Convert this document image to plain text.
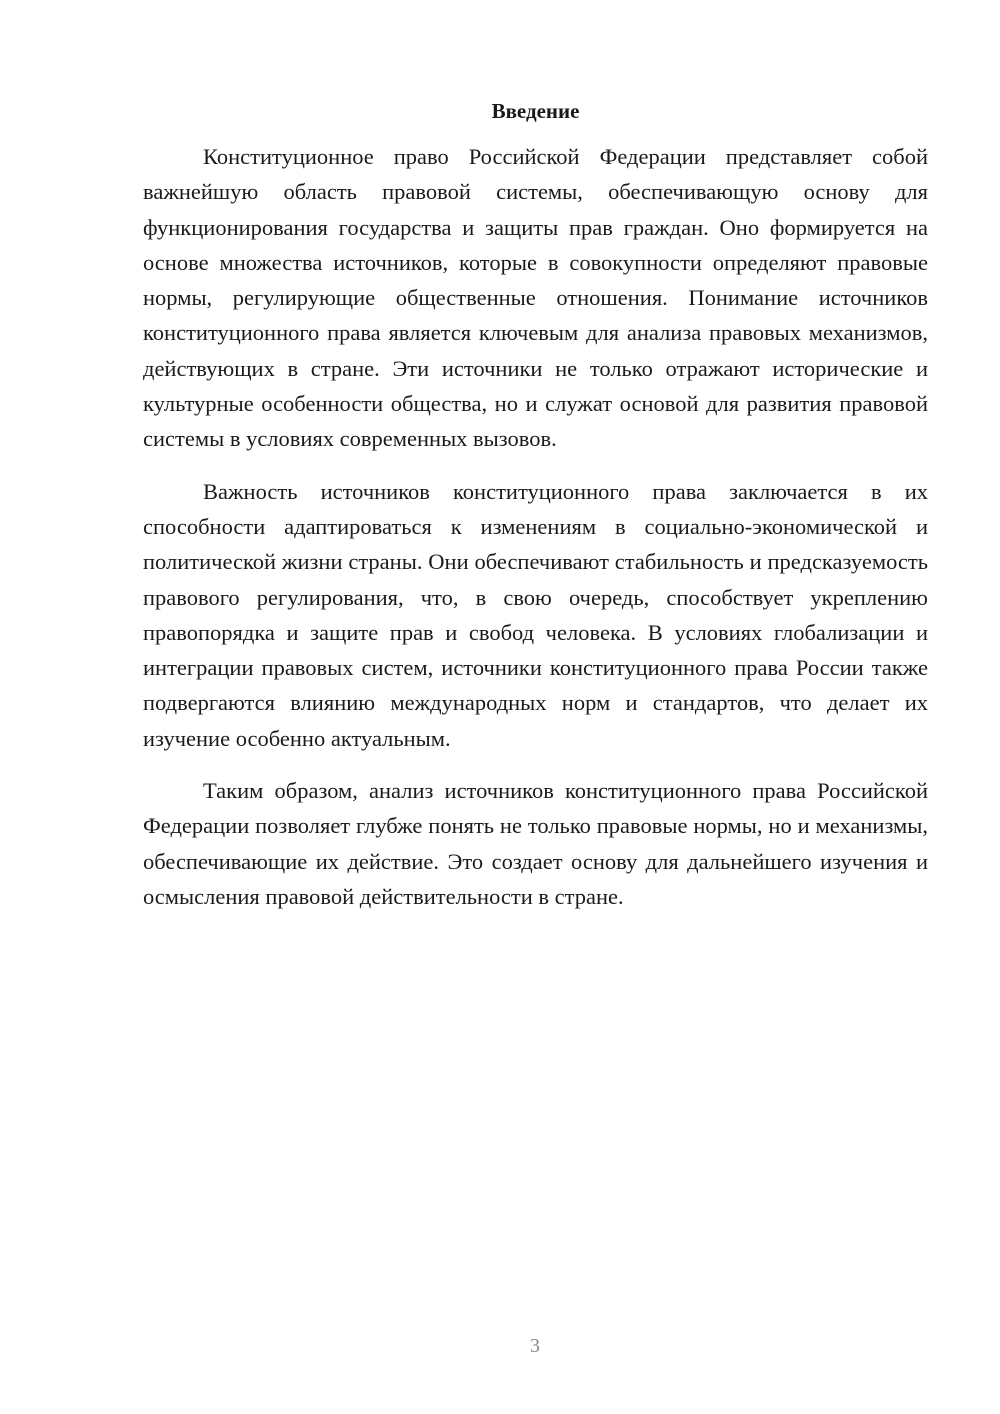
Введение

Конституционное право Российской Федерации представляет собой важнейшую область правовой системы, обеспечивающую основу для функционирования государства и защиты прав граждан. Оно формируется на основе множества источников, которые в совокупности определяют правовые нормы, регулирующие общественные отношения. Понимание источников конституционного права является ключевым для анализа правовых механизмов, действующих в стране. Эти источники не только отражают исторические и культурные особенности общества, но и служат основой для развития правовой системы в условиях современных вызовов.

Важность источников конституционного права заключается в их способности адаптироваться к изменениям в социально-экономической и политической жизни страны. Они обеспечивают стабильность и предсказуемость правового регулирования, что, в свою очередь, способствует укреплению правопорядка и защите прав и свобод человека. В условиях глобализации и интеграции правовых систем, источники конституционного права России также подвергаются влиянию международных норм и стандартов, что делает их изучение особенно актуальным.

Таким образом, анализ источников конституционного права Российской Федерации позволяет глубже понять не только правовые нормы, но и механизмы, обеспечивающие их действие. Это создает основу для дальнейшего изучения и осмысления правовой действительности в стране.

3
